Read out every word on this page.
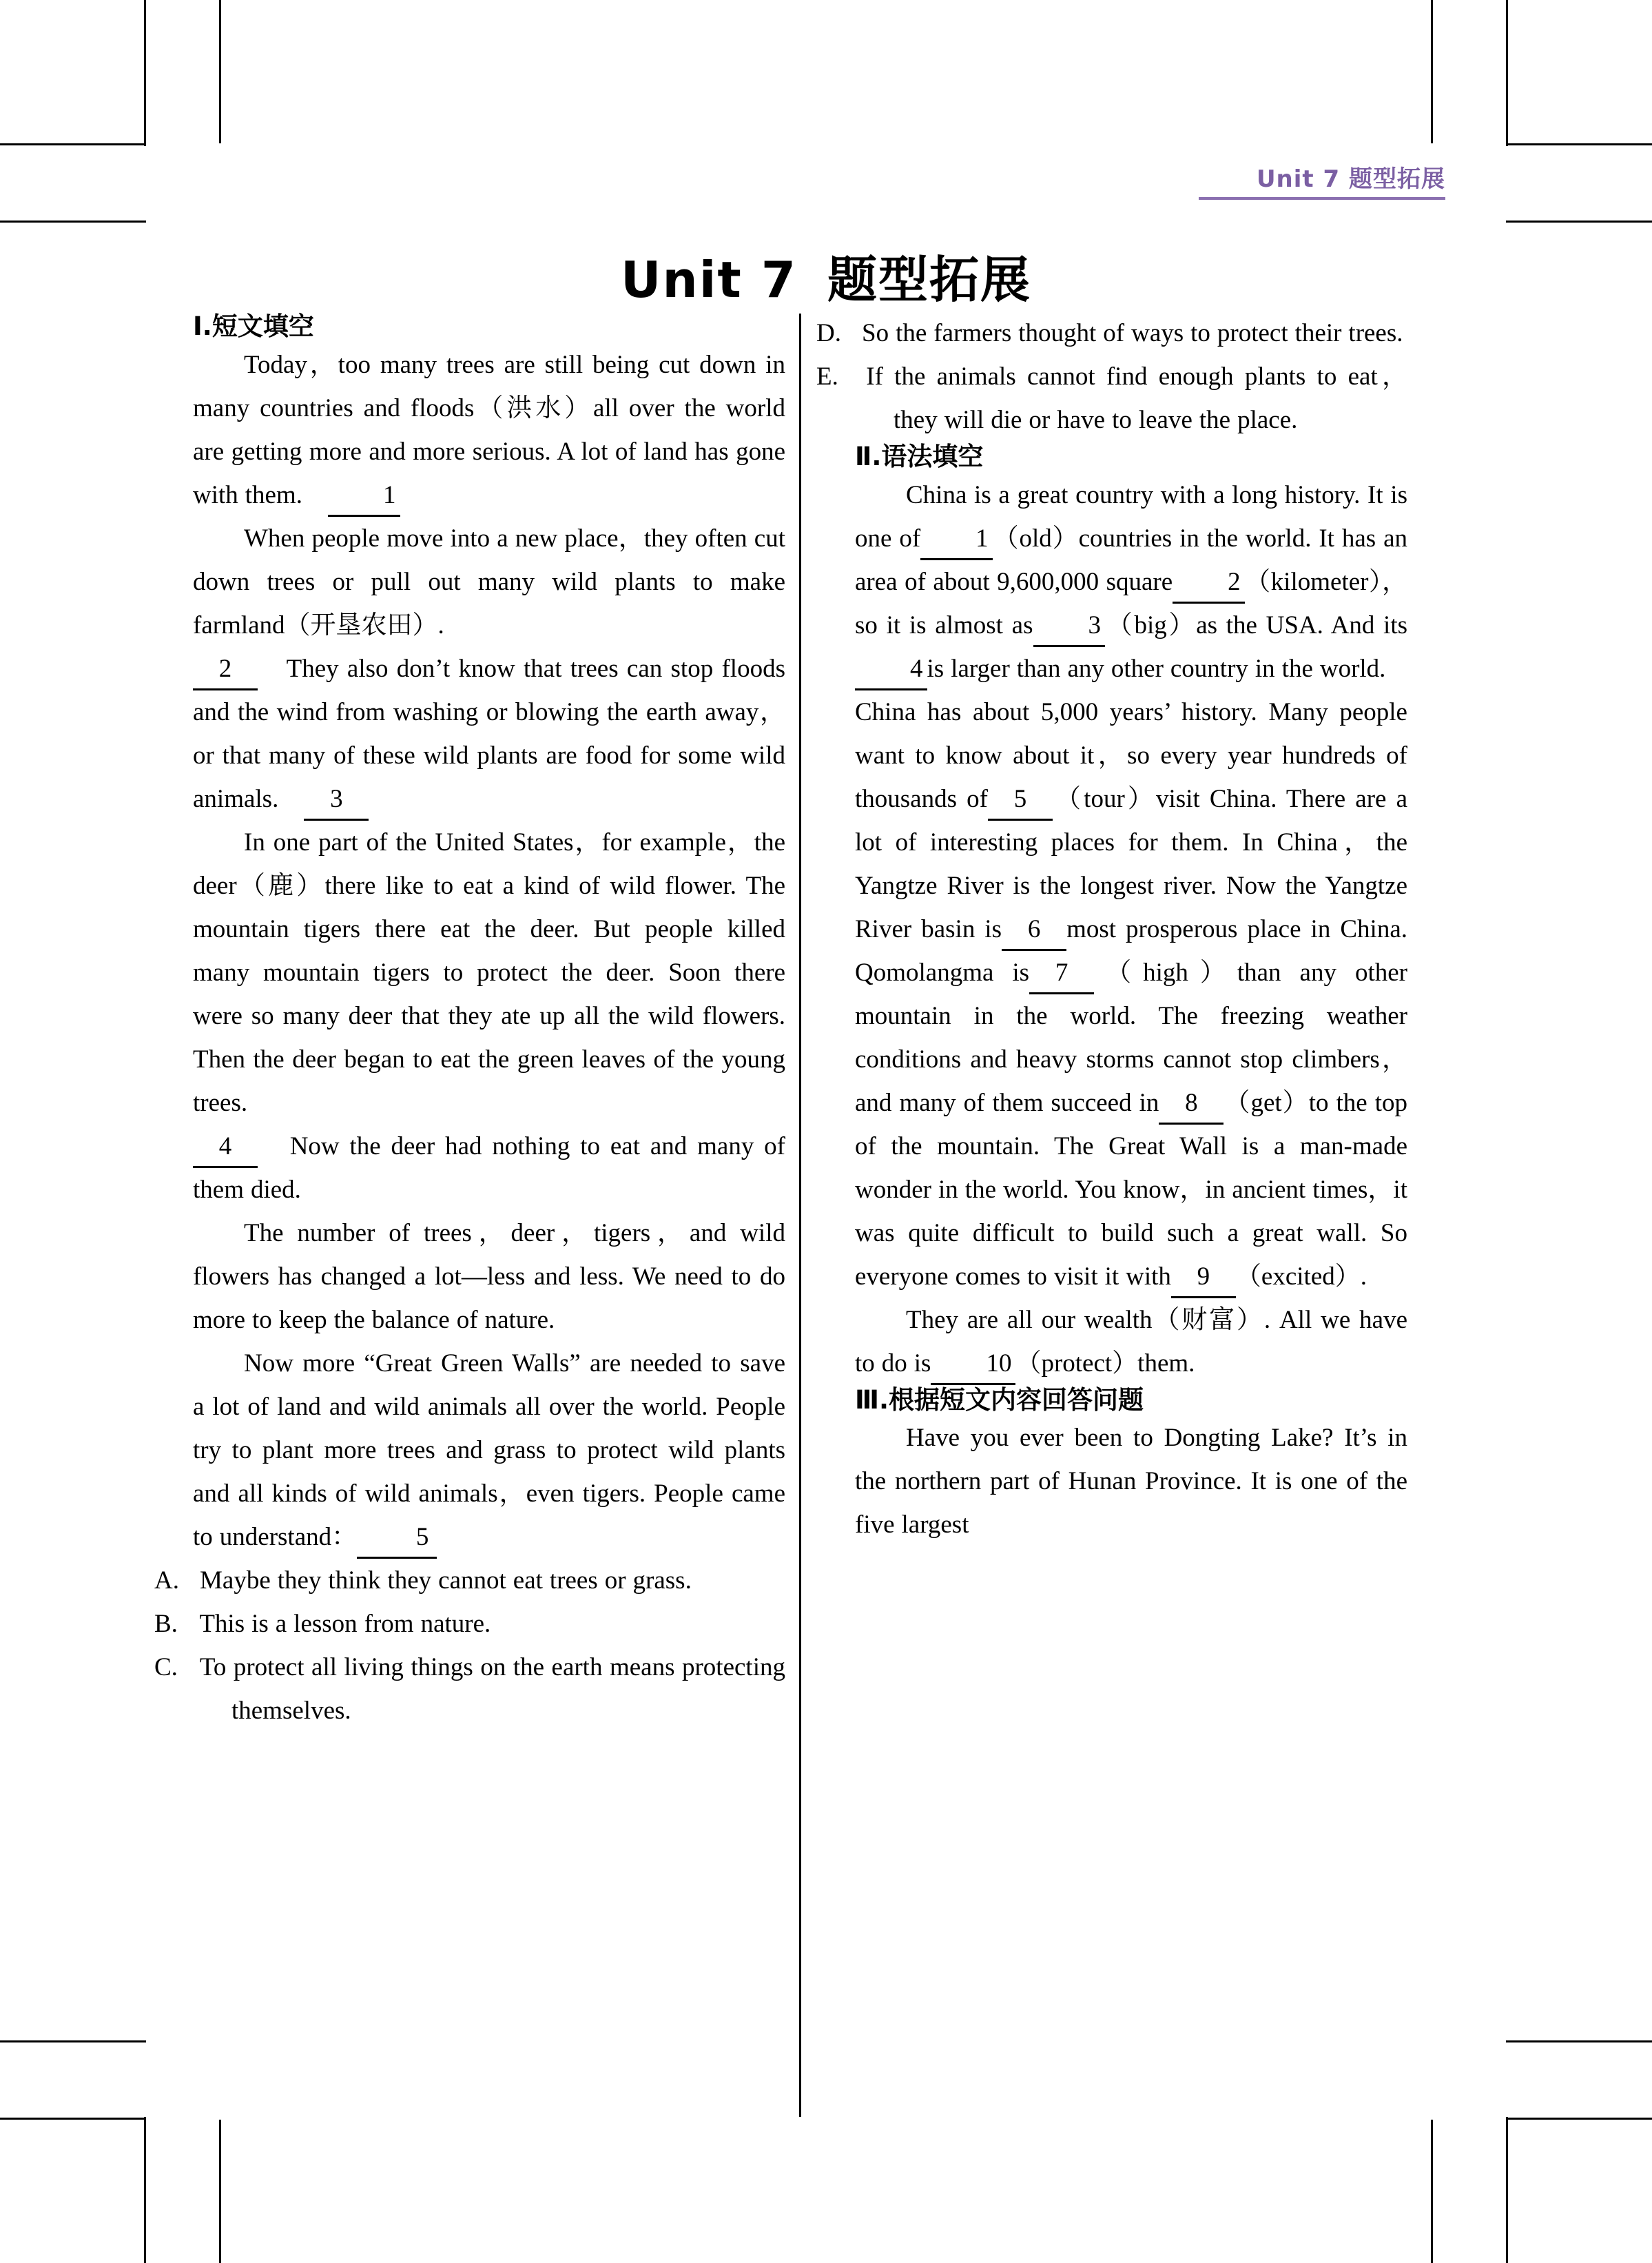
Unit 7 题型拓展
Unit 7 题型拓展
Ⅰ.短文填空

Today，too many trees are still being cut down in many countries and floods（洪水）all over the world are getting more and more serious. A lot of land has gone with them.　1

When people move into a new place，they often cut down trees or pull out many wild plants to make farmland（开垦农田）.

2　They also don’t know that trees can stop floods and the wind from washing or blowing the earth away，or that many of these wild plants are food for some wild animals.　3

In one part of the United States，for example，the deer（鹿）there like to eat a kind of wild flower. The mountain tigers there eat the deer. But people killed many mountain tigers to protect the deer. Soon there were so many deer that they ate up all the wild flowers. Then the deer began to eat the green leaves of the young trees.

4　Now the deer had nothing to eat and many of them died.

The number of trees，deer，tigers，and wild flowers has changed a lot—less and less. We need to do more to keep the balance of nature.

Now more “Great Green Walls” are needed to save a lot of land and wild animals all over the world. People try to plant more trees and grass to protect wild plants and all kinds of wild animals，even tigers. People came to understand： 5

A. Maybe they think they cannot eat trees or grass.

B. This is a lesson from nature.

C. To protect all living things on the earth means protecting themselves.

D. So the farmers thought of ways to protect their trees.

E. If the animals cannot find enough plants to eat，they will die or have to leave the place.

Ⅱ.语法填空

China is a great country with a long history. It is one of 1 （old）countries in the world. It has an area of about 9,600,000 square 2 （kilometer），so it is almost as 3 （big）as the USA. And its4 is larger than any other country in the world.

China has about 5,000 years’ history. Many people want to know about it，so every year hundreds of thousands of 5 （tour）visit China. There are a lot of interesting places for them. In China，the Yangtze River is the longest river. Now the Yangtze River basin is 6 most prosperous place in China. Qomolangma is 7 （high）than any other mountain in the world. The freezing weather conditions and heavy storms cannot stop climbers，and many of them succeed in 8 （get）to the top of the mountain. The Great Wall is a man-made wonder in the world. You know，in ancient times，it was quite difficult to build such a great wall. So everyone comes to visit it with 9 （excited）.

They are all our wealth（财富）. All we have to do is 10 （protect）them.

Ⅲ.根据短文内容回答问题

Have you ever been to Dongting Lake? It’s in the northern part of Hunan Province. It is one of the five largest
